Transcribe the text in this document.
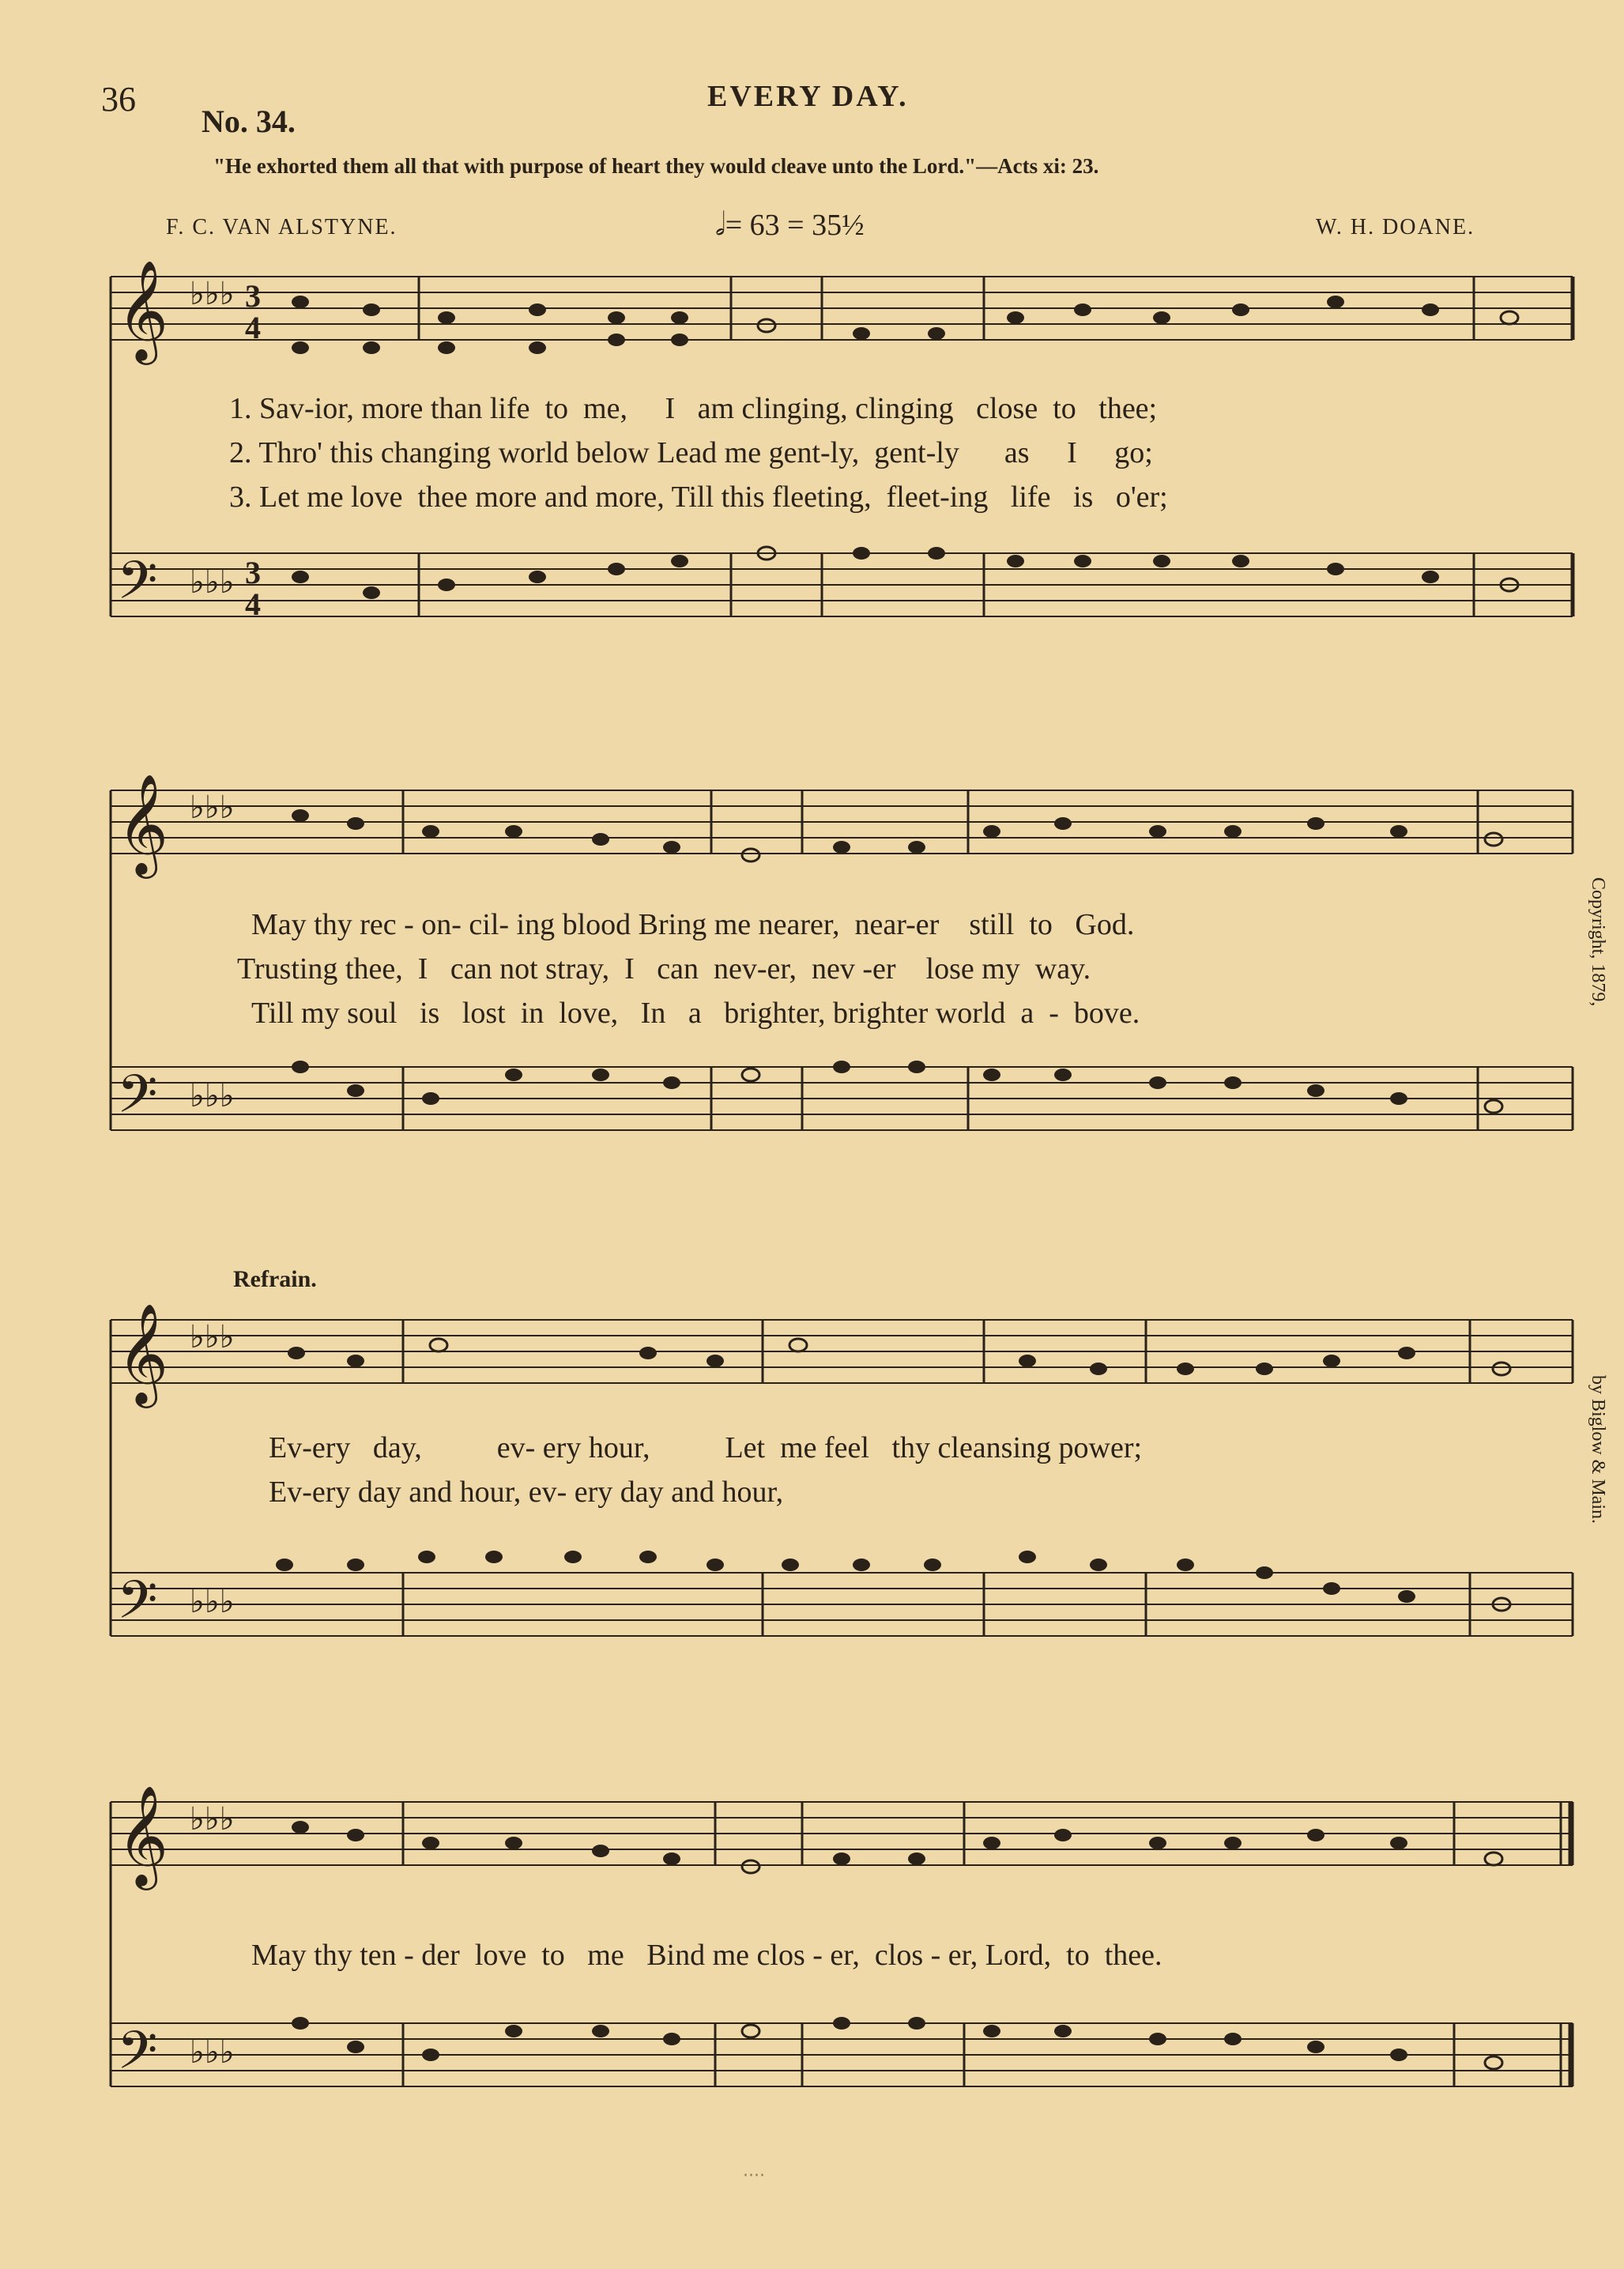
36
No. 34.
EVERY DAY.
"He exhorted them all that with purpose of heart they would cleave unto the Lord."—Acts xi: 23.
F. C. VAN ALSTYNE.	𝅗𝅥= 63 = 35½	W. H. DOANE.
𝄞
𝄢
♭♭♭
♭♭♭
3
4
3
4
1. Sav-ior, more than life  to  me,     I   am clinging, clinging   close  to   thee;
2. Thro' this changing world below Lead me gent-ly,  gent-ly      as     I     go;
3. Let me love  thee more and more, Till this fleeting,  fleet-ing   life   is   o'er;
𝄞
𝄢
♭♭♭
♭♭♭
May thy rec - on- cil- ing blood Bring me nearer,  near-er    still  to   God.
Trusting thee,  I   can not stray,  I   can  nev-er,  nev -er    lose my  way.
Till my soul   is   lost  in  love,   In   a   brighter, brighter world  a  -  bove.
Refrain.
𝄞
𝄢
♭♭♭
♭♭♭
Ev-ery   day,          ev- ery hour,          Let  me feel   thy cleansing power;
Ev-ery day and hour, ev- ery day and hour,
𝄞
𝄢
♭♭♭
♭♭♭
May thy ten - der  love  to   me   Bind me clos - er,  clos - er, Lord,  to  thee.
Copyright, 1879,
by Biglow & Main.
‧‧‧‧
